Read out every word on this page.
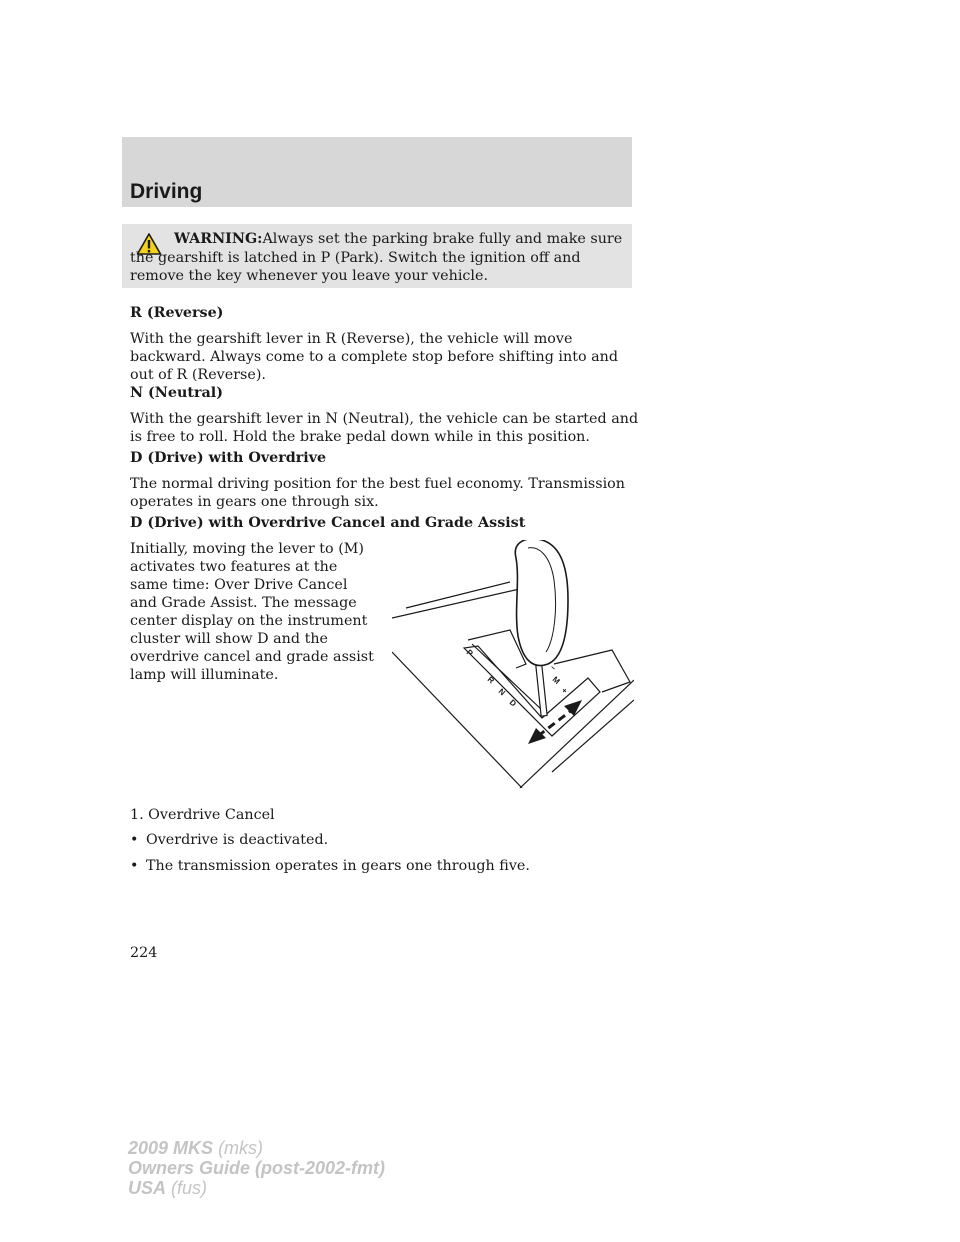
Driving
WARNING:Always set the parking brake fully and make sure the gearshift is latched in P (Park). Switch the ignition off and remove the key whenever you leave your vehicle.
R (Reverse)
With the gearshift lever in R (Reverse), the vehicle will move backward. Always come to a complete stop before shifting into and out of R (Reverse).
N (Neutral)
With the gearshift lever in N (Neutral), the vehicle can be started and is free to roll. Hold the brake pedal down while in this position.
D (Drive) with Overdrive
The normal driving position for the best fuel economy. Transmission operates in gears one through six.
D (Drive) with Overdrive Cancel and Grade Assist
Initially, moving the lever to (M) activates two features at the same time: Over Drive Cancel and Grade Assist. The message center display on the instrument cluster will show D and the overdrive cancel and grade assist lamp will illuminate.
P
R
N
D
–
M
+
1. Overdrive Cancel
• Overdrive is deactivated.
• The transmission operates in gears one through five.
224
2009 MKS (mks)
Owners Guide (post-2002-fmt)
USA (fus)
